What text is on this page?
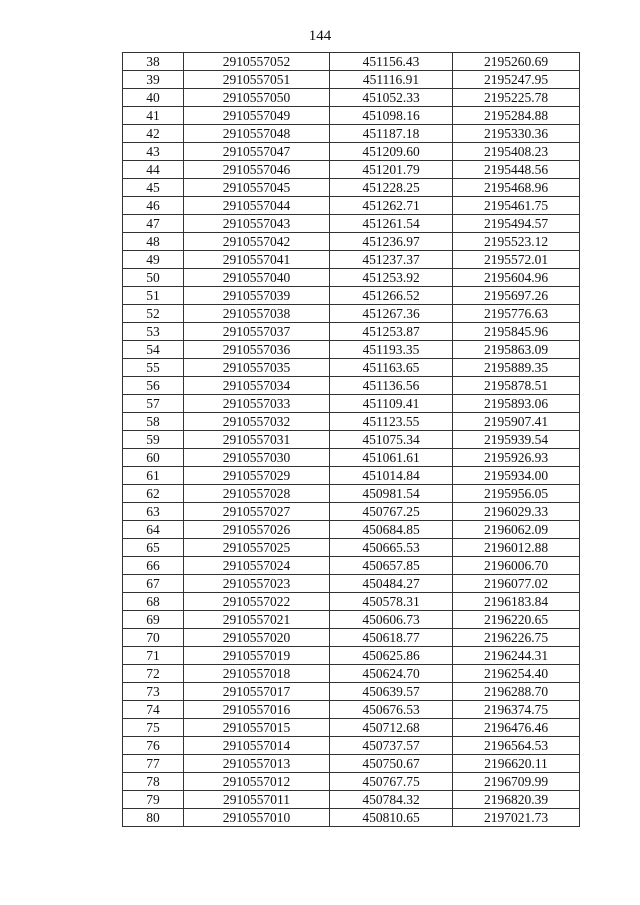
144
38	2910557052	451156.43	2195260.69
39	2910557051	451116.91	2195247.95
40	2910557050	451052.33	2195225.78
41	2910557049	451098.16	2195284.88
42	2910557048	451187.18	2195330.36
43	2910557047	451209.60	2195408.23
44	2910557046	451201.79	2195448.56
45	2910557045	451228.25	2195468.96
46	2910557044	451262.71	2195461.75
47	2910557043	451261.54	2195494.57
48	2910557042	451236.97	2195523.12
49	2910557041	451237.37	2195572.01
50	2910557040	451253.92	2195604.96
51	2910557039	451266.52	2195697.26
52	2910557038	451267.36	2195776.63
53	2910557037	451253.87	2195845.96
54	2910557036	451193.35	2195863.09
55	2910557035	451163.65	2195889.35
56	2910557034	451136.56	2195878.51
57	2910557033	451109.41	2195893.06
58	2910557032	451123.55	2195907.41
59	2910557031	451075.34	2195939.54
60	2910557030	451061.61	2195926.93
61	2910557029	451014.84	2195934.00
62	2910557028	450981.54	2195956.05
63	2910557027	450767.25	2196029.33
64	2910557026	450684.85	2196062.09
65	2910557025	450665.53	2196012.88
66	2910557024	450657.85	2196006.70
67	2910557023	450484.27	2196077.02
68	2910557022	450578.31	2196183.84
69	2910557021	450606.73	2196220.65
70	2910557020	450618.77	2196226.75
71	2910557019	450625.86	2196244.31
72	2910557018	450624.70	2196254.40
73	2910557017	450639.57	2196288.70
74	2910557016	450676.53	2196374.75
75	2910557015	450712.68	2196476.46
76	2910557014	450737.57	2196564.53
77	2910557013	450750.67	2196620.11
78	2910557012	450767.75	2196709.99
79	2910557011	450784.32	2196820.39
80	2910557010	450810.65	2197021.73
